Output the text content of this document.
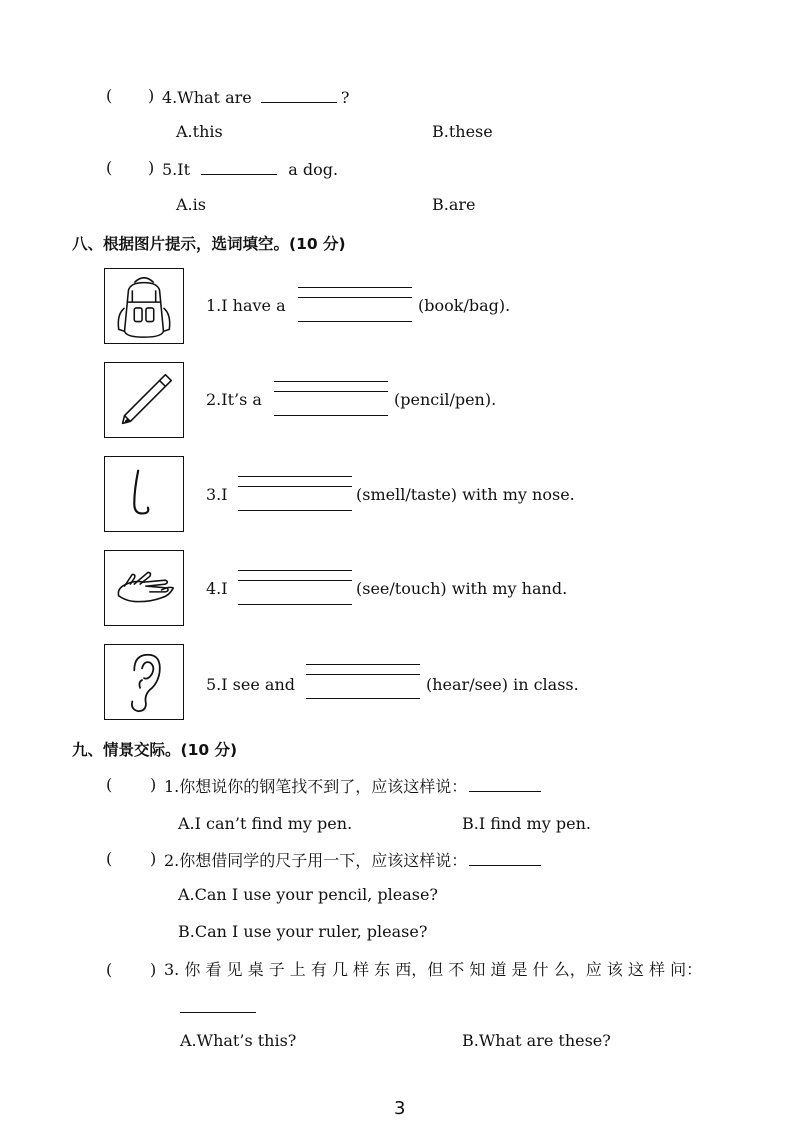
( ) 4.What are	?
A.this	B.these
( ) 5.It	a dog.
A.is	B.are
八、根据图片提示，选词填空。(10 分)
1.I have a	(book/bag).
2.It’s a	(pencil/pen).
3.I	(smell/taste) with my nose.
4.I	(see/touch) with my hand.
5.I see and	(hear/see) in class.
九、情景交际。(10 分)
( ) 1.你想说你的钢笔找不到了，应该这样说：
A.I can’t find my pen.	B.I find my pen.
( ) 2.你想借同学的尺子用一下，应该这样说：
A.Can I use your pencil, please?
B.Can I use your ruler, please?
( ) 3. 你 看 见 桌 子 上 有 几 样 东 西，但 不 知 道 是 什 么，应 该 这 样 问：
A.What’s this?	B.What are these?
3
